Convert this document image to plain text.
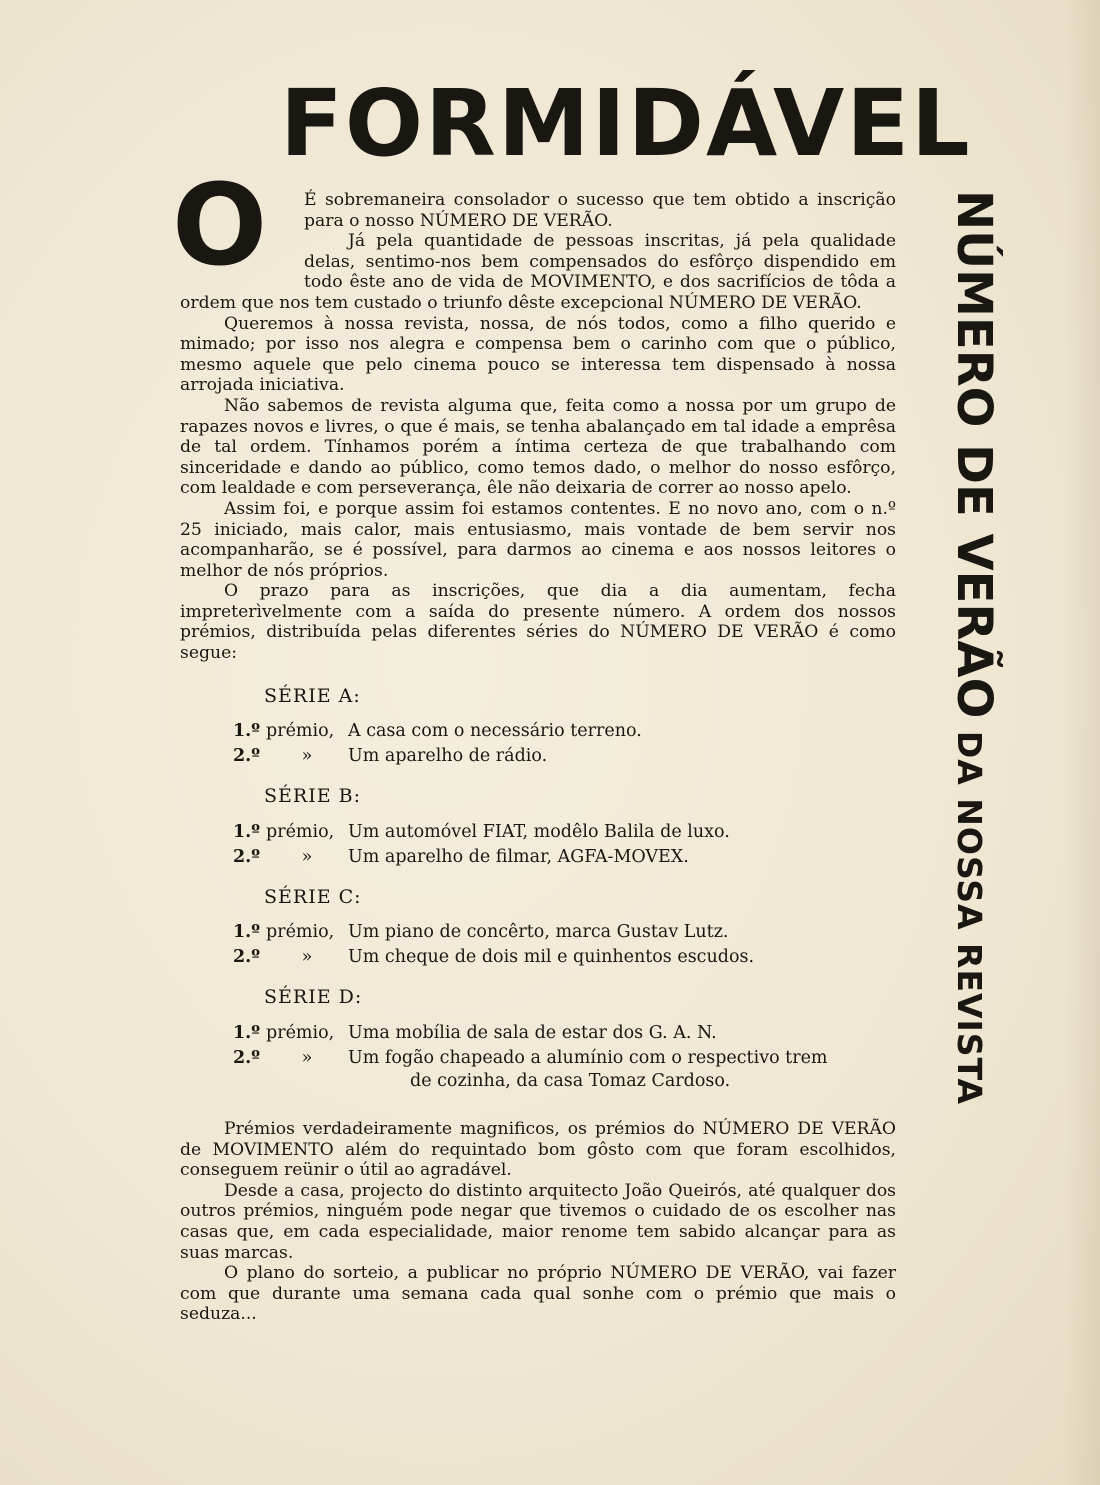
FORMIDÁVEL
O	É sobremaneira consolador o sucesso que tem obtido a inscrição para o nosso NÚMERO DE VERÃO.

Já pela quantidade de pessoas inscritas, já pela qualidade delas, sentimo-nos bem compensados do esfôrço dispendido em todo êste ano de vida de MOVIMENTO, e dos sacrifícios de tôda a ordem que nos tem custado o triunfo dêste excepcional NÚMERO DE VERÃO.

Queremos à nossa revista, nossa, de nós todos, como a filho querido e mimado; por isso nos alegra e compensa bem o carinho com que o público, mesmo aquele que pelo cinema pouco se interessa tem dispensado à nossa arrojada iniciativa.

Não sabemos de revista alguma que, feita como a nossa por um grupo de rapazes novos e livres, o que é mais, se tenha abalançado em tal idade a emprêsa de tal ordem. Tínhamos porém a íntima certeza de que trabalhando com sinceridade e dando ao público, como temos dado, o melhor do nosso esfôrço, com lealdade e com perseverança, êle não deixaria de correr ao nosso apelo.

Assim foi, e porque assim foi estamos contentes. E no novo ano, com o n.º 25 iniciado, mais calor, mais entusiasmo, mais vontade de bem servir nos acompanharão, se é possível, para darmos ao cinema e aos nossos leitores o melhor de nós próprios.

O prazo para as inscrições, que dia a dia aumentam, fecha impreterìvelmente com a saída do presente número. A ordem dos nossos prémios, distribuída pelas diferentes séries do NÚMERO DE VERÃO é como segue:

SÉRIE A:
1.º prémio, A casa com o necessário terreno.
2.º	»	Um aparelho de rádio.
SÉRIE B:
1.º prémio, Um automóvel FIAT, modêlo Balila de luxo.
2.º	»	Um aparelho de filmar, AGFA-MOVEX.
SÉRIE C:
1.º prémio, Um piano de concêrto, marca Gustav Lutz.
2.º	»	Um cheque de dois mil e quinhentos escudos.
SÉRIE D:
1.º prémio, Uma mobília de sala de estar dos G. A. N.
2.º	»	Um fogão chapeado a alumínio com o respectivo trem
de cozinha, da casa Tomaz Cardoso.

Prémios verdadeiramente magnificos, os prémios do NÚMERO DE VERÃO de MOVIMENTO além do requintado bom gôsto com que foram escolhidos, conseguem reünir o útil ao agradável.

Desde a casa, projecto do distinto arquitecto João Queirós, até qualquer dos outros prémios, ninguém pode negar que tivemos o cuidado de os escolher nas casas que, em cada especialidade, maior renome tem sabido alcançar para as suas marcas.

O plano do sorteio, a publicar no próprio NÚMERO DE VERÃO, vai fazer com que durante uma semana cada qual sonhe com o prémio que mais o seduza...

NÚMERO DE VERÃO DA NOSSA REVISTA
